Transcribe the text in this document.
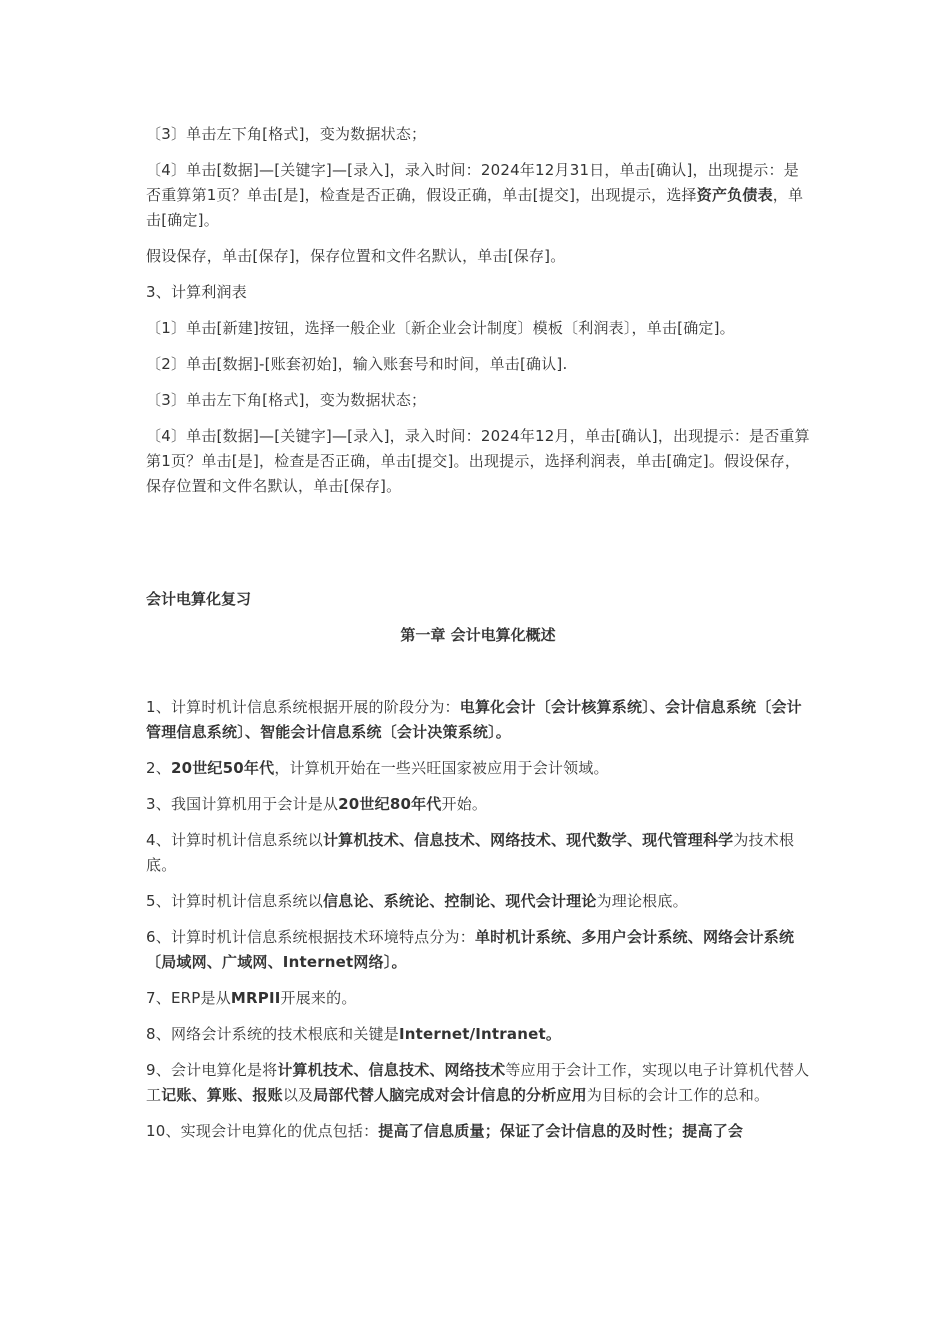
〔3〕单击左下角[格式]，变为数据状态；

〔4〕单击[数据]—[关键字]—[录入]，录入时间：2024年12月31日，单击[确认]，出现提示：是否重算第1页？单击[是]，检查是否正确，假设正确，单击[提交]，出现提示，选择资产负债表，单击[确定]。

假设保存，单击[保存]，保存位置和文件名默认，单击[保存]。

3、计算利润表

〔1〕单击[新建]按钮，选择一般企业〔新企业会计制度〕模板〔利润表〕，单击[确定]。

〔2〕单击[数据]-[账套初始]，输入账套号和时间，单击[确认].

〔3〕单击左下角[格式]，变为数据状态；

〔4〕单击[数据]—[关键字]—[录入]，录入时间：2024年12月，单击[确认]，出现提示：是否重算第1页？单击[是]，检查是否正确，单击[提交]。出现提示，选择利润表，单击[确定]。假设保存，保存位置和文件名默认，单击[保存]。

会计电算化复习

第一章 会计电算化概述

1、计算时机计信息系统根据开展的阶段分为：电算化会计〔会计核算系统〕、会计信息系统〔会计管理信息系统〕、智能会计信息系统〔会计决策系统〕。

2、20世纪50年代，计算机开始在一些兴旺国家被应用于会计领域。

3、我国计算机用于会计是从20世纪80年代开始。

4、计算时机计信息系统以计算机技术、信息技术、网络技术、现代数学、现代管理科学为技术根底。

5、计算时机计信息系统以信息论、系统论、控制论、现代会计理论为理论根底。

6、计算时机计信息系统根据技术环境特点分为：单时机计系统、多用户会计系统、网络会计系统〔局域网、广域网、Internet网络〕。

7、ERP是从MRPII开展来的。

8、网络会计系统的技术根底和关键是Internet/Intranet。

9、会计电算化是将计算机技术、信息技术、网络技术等应用于会计工作，实现以电子计算机代替人工记账、算账、报账以及局部代替人脑完成对会计信息的分析应用为目标的会计工作的总和。

10、实现会计电算化的优点包括：提高了信息质量；保证了会计信息的及时性；提高了会
